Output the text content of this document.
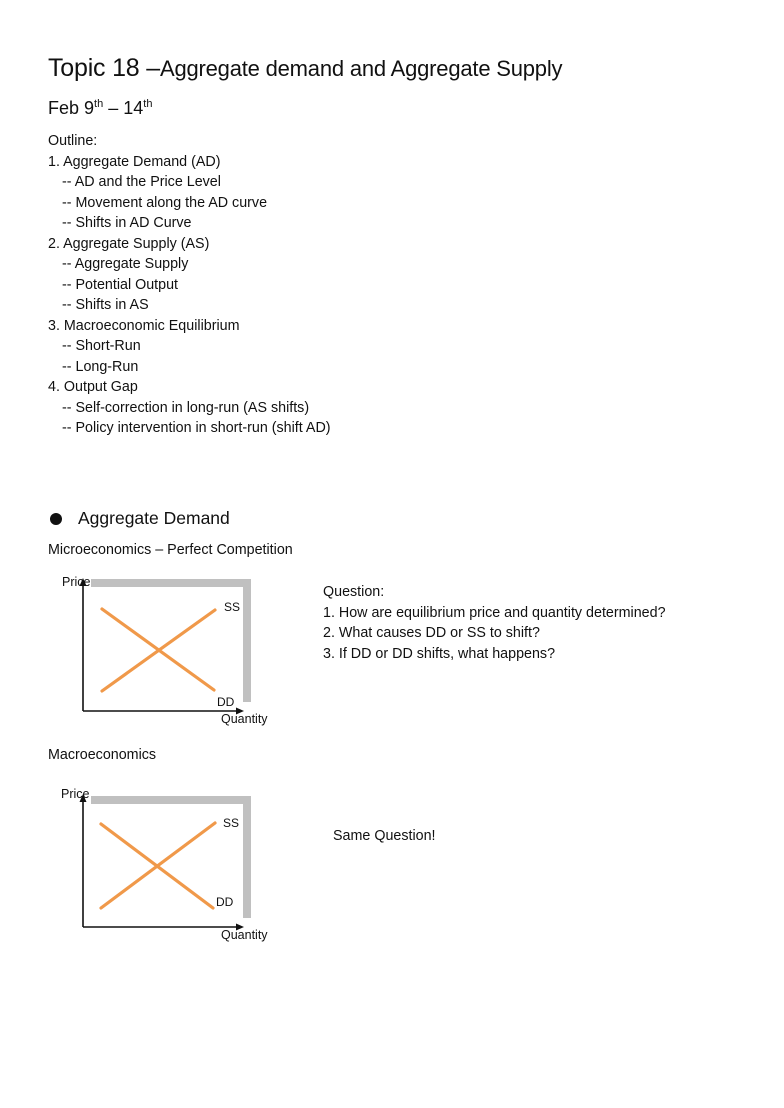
Topic 18 –Aggregate demand and Aggregate Supply
Feb 9th – 14th
Outline:
1. Aggregate Demand (AD)
-- AD and the Price Level
-- Movement along the AD curve
-- Shifts in AD Curve
2. Aggregate Supply (AS)
-- Aggregate Supply
-- Potential Output
-- Shifts in AS
3. Macroeconomic Equilibrium
-- Short-Run
-- Long-Run
4. Output Gap
-- Self-correction in long-run (AS shifts)
-- Policy intervention in short-run (shift AD)
Aggregate Demand
Microeconomics – Perfect Competition
Price
Quantity
SS
DD
Question:
1. How are equilibrium price and quantity determined?
2. What causes DD or SS to shift?
3. If DD or DD shifts, what happens?
Macroeconomics
Price
Quantity
SS
DD
Same Question!
